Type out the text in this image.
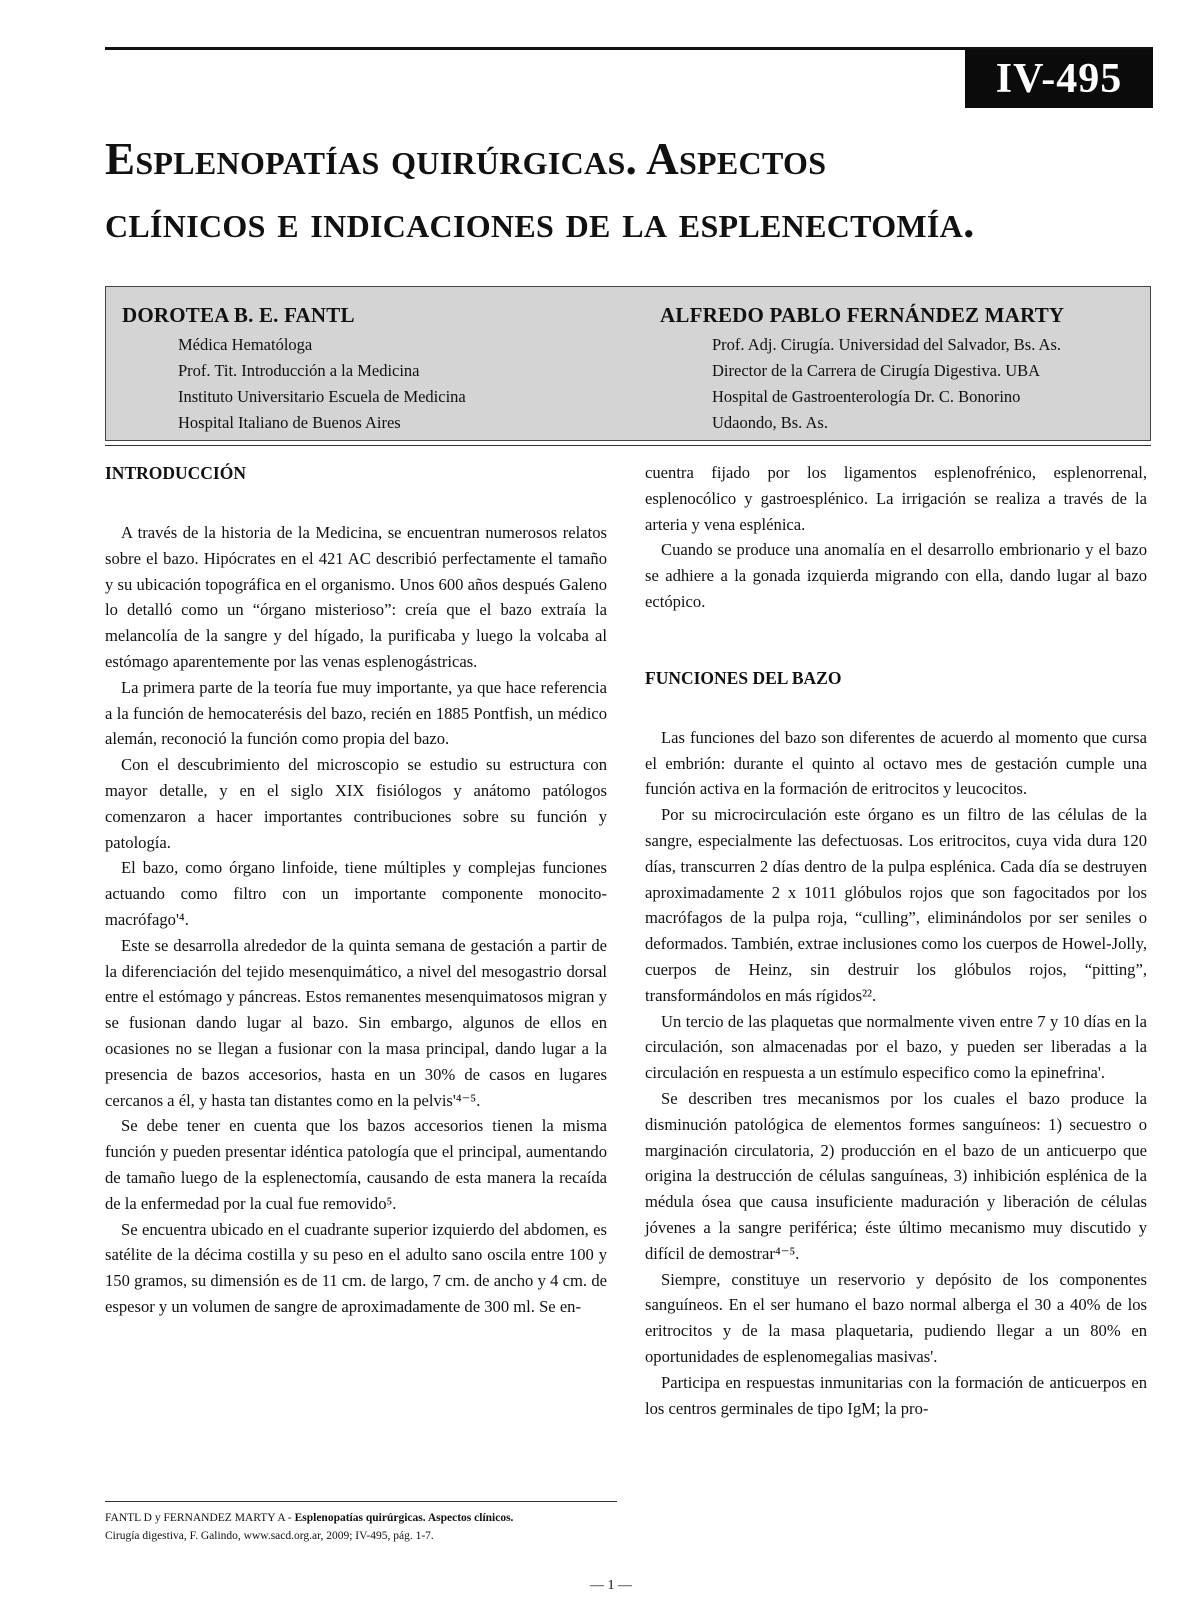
IV-495
Esplenopatías quirúrgicas. Aspectos
clínicos e indicaciones de la esplenectomía.
DOROTEA B. E. FANTL
Médica Hematóloga
Prof. Tit. Introducción a la Medicina
Instituto Universitario Escuela de Medicina
Hospital Italiano de Buenos Aires
ALFREDO PABLO FERNÁNDEZ MARTY
Prof. Adj. Cirugía. Universidad del Salvador, Bs. As.
Director de la Carrera de Cirugía Digestiva. UBA
Hospital de Gastroenterología Dr. C. Bonorino
Udaondo, Bs. As.
INTRODUCCIÓN

A través de la historia de la Medicina, se encuentran numerosos relatos sobre el bazo. Hipócrates en el 421 AC describió perfectamente el tamaño y su ubicación topográfica en el organismo. Unos 600 años después Galeno lo detalló como un “órgano misterioso”: creía que el bazo extraía la melancolía de la sangre y del hígado, la purificaba y luego la volcaba al estómago aparentemente por las venas esplenogástricas.

La primera parte de la teoría fue muy importante, ya que hace referencia a la función de hemocaterésis del bazo, recién en 1885 Pontfish, un médico alemán, reconoció la función como propia del bazo.

Con el descubrimiento del microscopio se estudio su estructura con mayor detalle, y en el siglo XIX fisiólogos y anátomo patólogos comenzaron a hacer importantes contribuciones sobre su función y patología.

El bazo, como órgano linfoide, tiene múltiples y complejas funciones actuando como filtro con un importante componente monocito-macrófago'⁴.

Este se desarrolla alrededor de la quinta semana de gestación a partir de la diferenciación del tejido mesenquimático, a nivel del mesogastrio dorsal entre el estómago y páncreas. Estos remanentes mesenquimatosos migran y se fusionan dando lugar al bazo. Sin embargo, algunos de ellos en ocasiones no se llegan a fusionar con la masa principal, dando lugar a la presencia de bazos accesorios, hasta en un 30% de casos en lugares cercanos a él, y hasta tan distantes como en la pelvis'⁴⁻⁵.

Se debe tener en cuenta que los bazos accesorios tienen la misma función y pueden presentar idéntica patología que el principal, aumentando de tamaño luego de la esplenectomía, causando de esta manera la recaída de la enfermedad por la cual fue removido⁵.

Se encuentra ubicado en el cuadrante superior izquierdo del abdomen, es satélite de la décima costilla y su peso en el adulto sano oscila entre 100 y 150 gramos, su dimensión es de 11 cm. de largo, 7 cm. de ancho y 4 cm. de espesor y un volumen de sangre de aproximadamente de 300 ml. Se en-

cuentra fijado por los ligamentos esplenofrénico, esplenorrenal, esplenocólico y gastroesplénico. La irrigación se realiza a través de la arteria y vena esplénica.

Cuando se produce una anomalía en el desarrollo embrionario y el bazo se adhiere a la gonada izquierda migrando con ella, dando lugar al bazo ectópico.

FUNCIONES DEL BAZO

Las funciones del bazo son diferentes de acuerdo al momento que cursa el embrión: durante el quinto al octavo mes de gestación cumple una función activa en la formación de eritrocitos y leucocitos.

Por su microcirculación este órgano es un filtro de las células de la sangre, especialmente las defectuosas. Los eritrocitos, cuya vida dura 120 días, transcurren 2 días dentro de la pulpa esplénica. Cada día se destruyen aproximadamente 2 x 1011 glóbulos rojos que son fagocitados por los macrófagos de la pulpa roja, “culling”, eliminándolos por ser seniles o deformados. También, extrae inclusiones como los cuerpos de Howel-Jolly, cuerpos de Heinz, sin destruir los glóbulos rojos, “pitting”, transformándolos en más rígidos²².

Un tercio de las plaquetas que normalmente viven entre 7 y 10 días en la circulación, son almacenadas por el bazo, y pueden ser liberadas a la circulación en respuesta a un estímulo especifico como la epinefrina'.

Se describen tres mecanismos por los cuales el bazo produce la disminución patológica de elementos formes sanguíneos: 1) secuestro o marginación circulatoria, 2) producción en el bazo de un anticuerpo que origina la destrucción de células sanguíneas, 3) inhibición esplénica de la médula ósea que causa insuficiente maduración y liberación de células jóvenes a la sangre periférica; éste último mecanismo muy discutido y difícil de demostrar⁴⁻⁵.

Siempre, constituye un reservorio y depósito de los componentes sanguíneos. En el ser humano el bazo normal alberga el 30 a 40% de los eritrocitos y de la masa plaquetaria, pudiendo llegar a un 80% en oportunidades de esplenomegalias masivas'.

Participa en respuestas inmunitarias con la formación de anticuerpos en los centros germinales de tipo IgM; la pro-

FANTL D y FERNANDEZ MARTY A - Esplenopatías quirúrgicas. Aspectos clínicos.
Cirugía digestiva, F. Galindo, www.sacd.org.ar, 2009; IV-495, pág. 1-7.
— 1 —
